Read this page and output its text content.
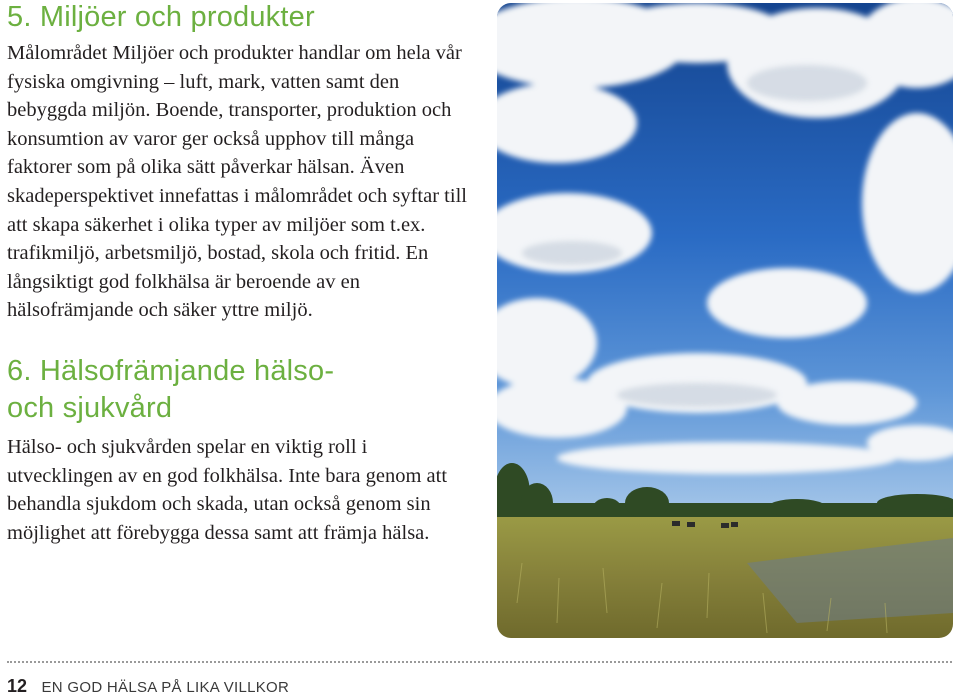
5. Miljöer och produkter

Målområdet Miljöer och produkter handlar om hela vår fysiska omgivning – luft, mark, vatten samt den bebyggda miljön. Boende, transporter, produktion och konsumtion av varor ger också upphov till många faktorer som på olika sätt påverkar hälsan. Även skadeperspektivet innefattas i målområdet och syftar till att skapa säkerhet i olika typer av miljöer som t.ex. trafikmiljö, arbetsmiljö, bostad, skola och fritid. En långsiktigt god folkhälsa är beroende av en hälsofrämjande och säker yttre miljö.

6. Hälsofrämjande hälso- och sjukvård

Hälso- och sjukvården spelar en viktig roll i utvecklingen av en god folkhälsa. Inte bara genom att behandla sjukdom och skada, utan också genom sin möjlighet att förebygga dessa samt att främja hälsa.

12 EN GOD HÄLSA PÅ LIKA VILLKOR
